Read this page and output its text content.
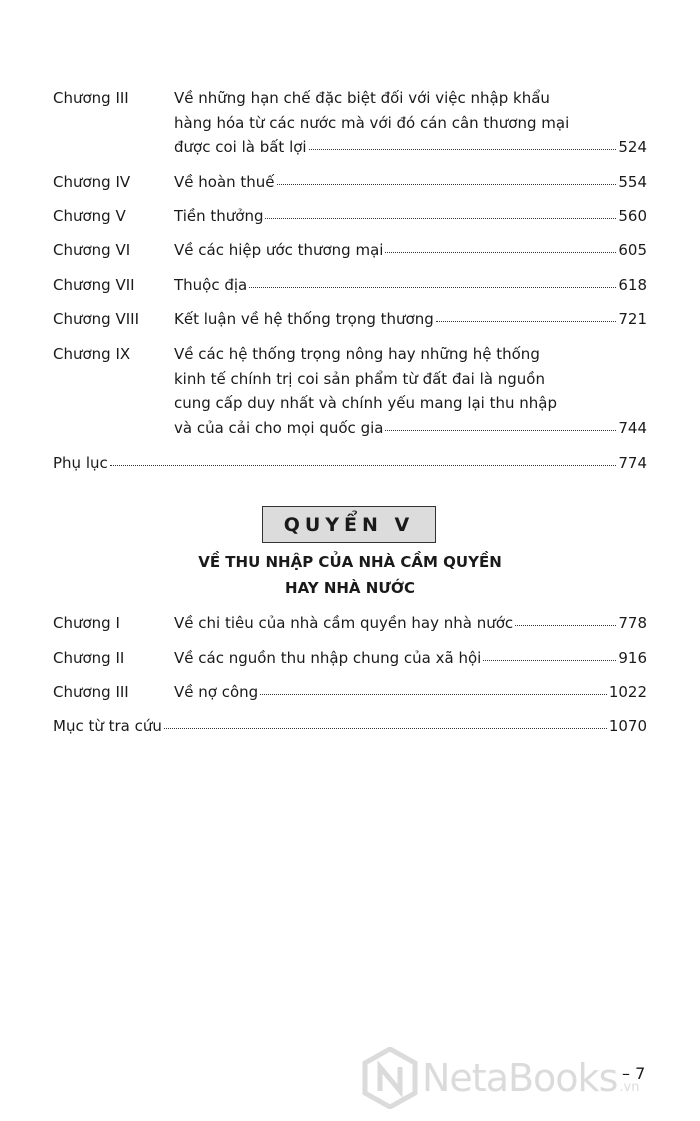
Chương III	Về những hạn chế đặc biệt đối với việc nhập khẩu
hàng hóa từ các nước mà với đó cán cân thương mại
được coi là bất lợi	524
Chương IV	Về hoàn thuế	554
Chương V	Tiền thưởng	560
Chương VI	Về các hiệp ước thương mại	605
Chương VII	Thuộc địa	618
Chương VIII Kết luận về hệ thống trọng thương	721
Chương IX	Về các hệ thống trọng nông hay những hệ thống
kinh tế chính trị coi sản phẩm từ đất đai là nguồn
cung cấp duy nhất và chính yếu mang lại thu nhập
và của cải cho mọi quốc gia	744
Phụ lục	774
QUYỂN V
VỀ THU NHẬP CỦA NHÀ CẦM QUYỀN
HAY NHÀ NƯỚC
Chương I	Về chi tiêu của nhà cầm quyền hay nhà nước	778
Chương II	Về các nguồn thu nhập chung của xã hội	916
Chương III	Về nợ công	1022
Mục từ tra cứu	1070
NetaBooks .vn
– 7
